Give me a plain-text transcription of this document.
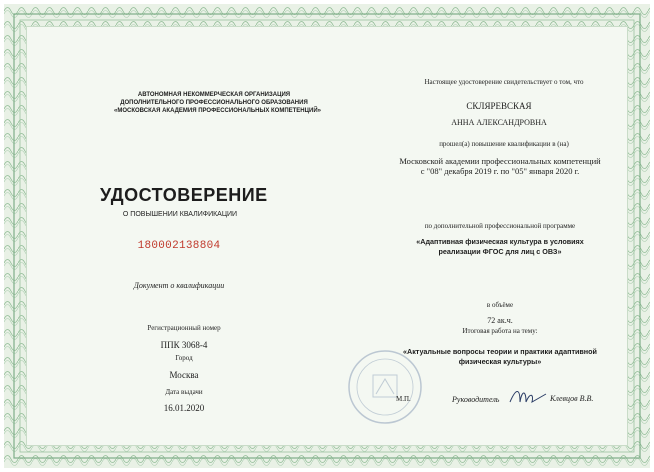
АВТОНОМНАЯ НЕКОММЕРЧЕСКАЯ ОРГАНИЗАЦИЯ
ДОПОЛНИТЕЛЬНОГО ПРОФЕССИОНАЛЬНОГО ОБРАЗОВАНИЯ
«МОСКОВСКАЯ АКАДЕМИЯ ПРОФЕССИОНАЛЬНЫХ КОМПЕТЕНЦИЙ»
УДОСТОВЕРЕНИЕ
О ПОВЫШЕНИИ КВАЛИФИКАЦИИ
180002138804
Документ о квалификации
Регистрационный номер
ППК 3068-4
Город
Москва
Дата выдачи
16.01.2020
Настоящее удостоверение свидетельствует о том, что
СКЛЯРЕВСКАЯ
АННА АЛЕКСАНДРОВНА
прошел(а) повышение квалификации в (на)
Московской академии профессиональных компетенций
с "08" декабря 2019 г. по "05" января 2020 г.
по дополнительной профессиональной программе
«Адаптивная физическая культура в условиях
реализации ФГОС для лиц с ОВЗ»
в объёме
72 ак.ч.
Итоговая работа на тему:
«Актуальные вопросы теории и практики адаптивной
физическая культуры»
М.П.	Руководитель	Клевцов В.В.
